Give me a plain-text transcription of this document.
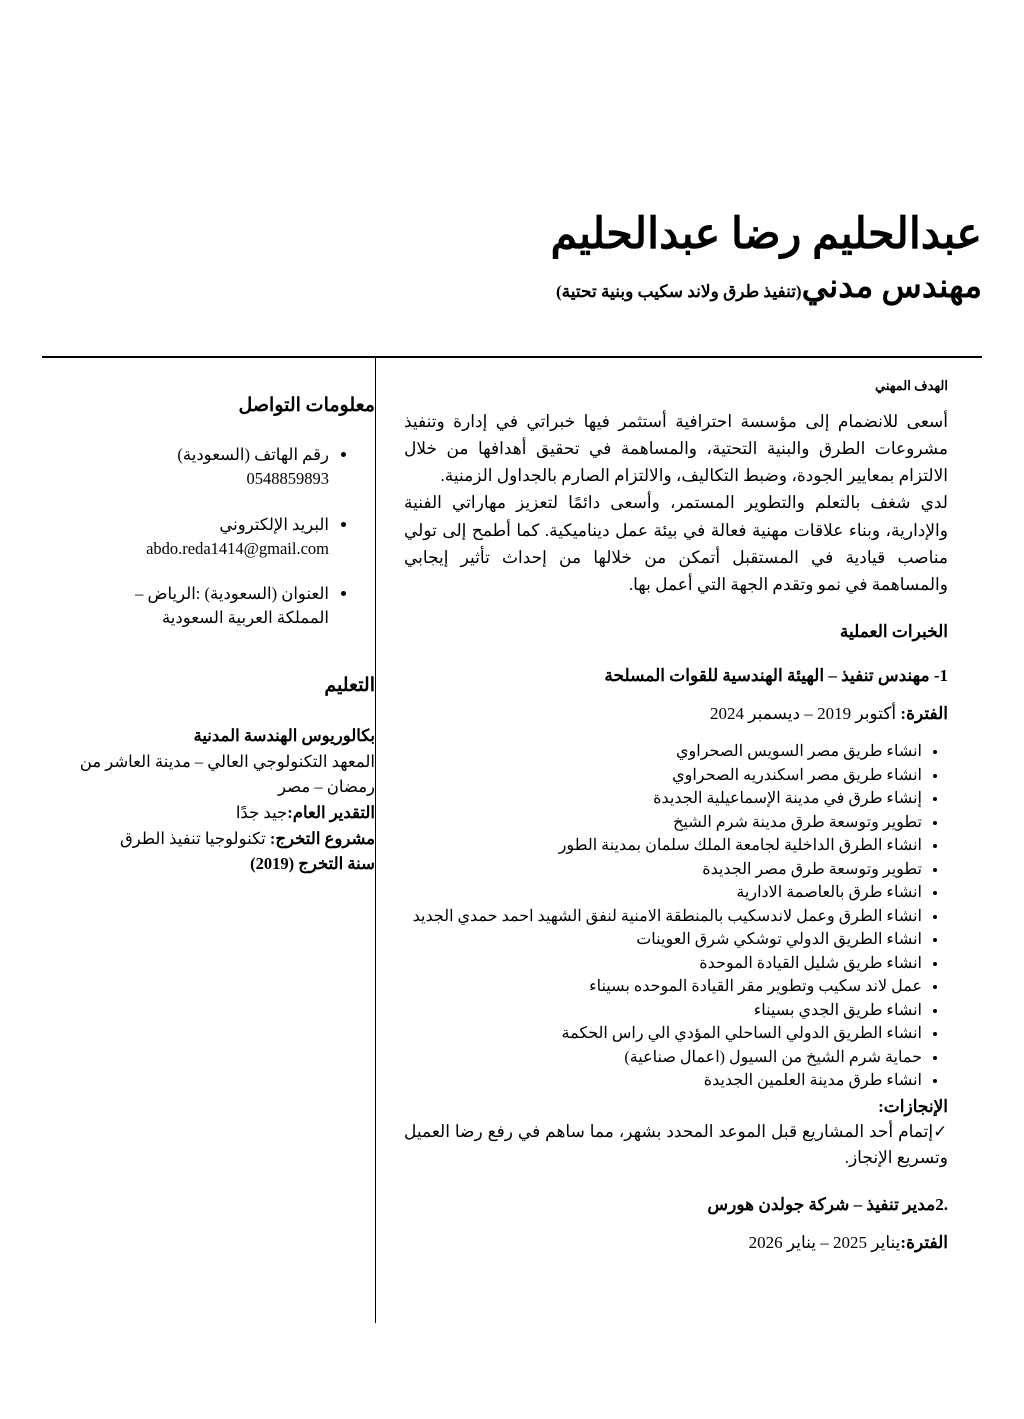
عبدالحليم رضا عبدالحليم
مهندس مدني(تنفيذ طرق ولاند سكيب وبنية تحتية)
معلومات التواصل
• رقم الهاتف (السعودية)
0548859893
• البريد الإلكتروني
abdo.reda1414@gmail.com
• العنوان (السعودية) :الرياض –
المملكة العربية السعودية
التعليم
بكالوريوس الهندسة المدنية
المعهد التكنولوجي العالي – مدينة العاشر من رمضان – مصر
التقدير العام:جيد جدًا
مشروع التخرج: تكنولوجيا تنفيذ الطرق
سنة التخرج (2019)
الهدف المهني

أسعى للانضمام إلى مؤسسة احترافية أستثمر فيها خبراتي في إدارة وتنفيذ مشروعات الطرق والبنية التحتية، والمساهمة في تحقيق أهدافها من خلال الالتزام بمعايير الجودة، وضبط التكاليف، والالتزام الصارم بالجداول الزمنية.

لدي شغف بالتعلم والتطوير المستمر، وأسعى دائمًا لتعزيز مهاراتي الفنية والإدارية، وبناء علاقات مهنية فعالة في بيئة عمل ديناميكية. كما أطمح إلى تولي مناصب قيادية في المستقبل أتمكن من خلالها من إحداث تأثير إيجابي والمساهمة في نمو وتقدم الجهة التي أعمل بها.

الخبرات العملية
1- مهندس تنفيذ – الهيئة الهندسية للقوات المسلحة

الفترة: أكتوبر 2019 – ديسمبر 2024

• انشاء طريق مصر السويس الصحراوي
• انشاء طريق مصر اسكندريه الصحراوي
• إنشاء طرق في مدينة الإسماعيلية الجديدة
• تطوير وتوسعة طرق مدينة شرم الشيخ
• انشاء الطرق الداخلية لجامعة الملك سلمان بمدينة الطور
• تطوير وتوسعة طرق مصر الجديدة
• انشاء طرق بالعاصمة الادارية
• انشاء الطرق وعمل لاندسكيب بالمنطقة الامنية لنفق الشهيد احمد حمدي الجديد
• انشاء الطريق الدولي توشكي شرق العوينات
• انشاء طريق شليل القيادة الموحدة
• عمل لاند سكيب وتطوير مقر القيادة الموحده بسيناء
• انشاء طريق الجدي بسيناء
• انشاء الطريق الدولي الساحلي المؤدي الي راس الحكمة
• حماية شرم الشيخ من السيول (اعمال صناعية)
• انشاء طرق مدينة العلمين الجديدة
الإنجازات:

✓إتمام أحد المشاريع قبل الموعد المحدد بشهر، مما ساهم في رفع رضا العميل وتسريع الإنجاز.

.2مدير تنفيذ – شركة جولدن هورس

الفترة:يناير 2025 – يناير 2026
